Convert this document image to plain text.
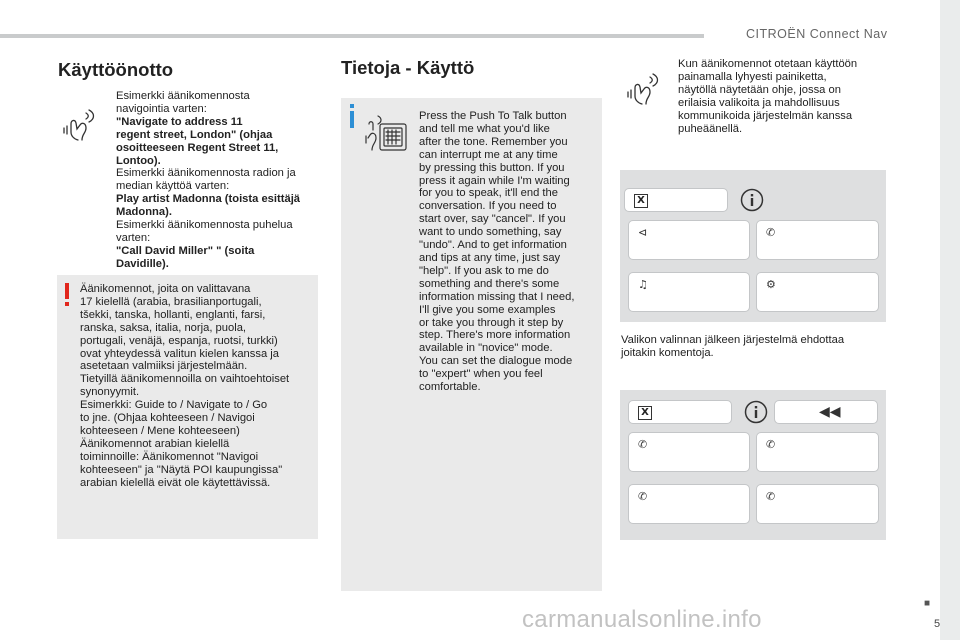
CITROËN Connect Nav
Käyttöönotto
Esimerkki äänikomennosta
navigointia varten:
"Navigate to address 11
regent street, London" (ohjaa
osoitteeseen Regent Street 11,
Lontoo).
Esimerkki äänikomennosta radion ja
median käyttöä varten:
Play artist Madonna (toista esittäjä
Madonna).
Esimerkki äänikomennosta puhelua
varten:
"Call David Miller" " (soita
Davidille).
Äänikomennot, joita on valittavana
17 kielellä (arabia, brasilianportugali,
tšekki, tanska, hollanti, englanti, farsi,
ranska, saksa, italia, norja, puola,
portugali, venäjä, espanja, ruotsi, turkki)
ovat yhteydessä valitun kielen kanssa ja
asetetaan valmiiksi järjestelmään.
Tietyillä äänikomennoilla on vaihtoehtoiset
synonyymit.
Esimerkki: Guide to / Navigate to / Go
to jne. (Ohjaa kohteeseen / Navigoi
kohteeseen / Mene kohteeseen)
Äänikomennot arabian kielellä
toiminnoille: Äänikomennot "Navigoi
kohteeseen" ja "Näytä POI kaupungissa"
arabian kielellä eivät ole käytettävissä.
Tietoja - Käyttö
Press the Push To Talk button
and tell me what you'd like
after the tone. Remember you
can interrupt me at any time
by pressing this button. If you
press it again while I'm waiting
for you to speak, it'll end the
conversation. If you need to
start over, say "cancel". If you
want to undo something, say
"undo". And to get information
and tips at any time, just say
"help". If you ask to me do
something and there's some
information missing that I need,
I'll give you some examples
or take you through it step by
step. There's more information
available in "novice" mode.
You can set the dialogue mode
to "expert" when you feel
comfortable.
Kun äänikomennot otetaan käyttöön
painamalla lyhyesti painiketta,
näytöllä näytetään ohje, jossa on
erilaisia valikoita ja mahdollisuus
kommunikoida järjestelmän kanssa
puheäänellä.
X
⊲	✆
♫	⚙
Valikon valinnan jälkeen järjestelmä ehdottaa
joitakin komentoja.
X	◀◀
✆	✆
✆	✆
carmanualsonline.info
■
5
